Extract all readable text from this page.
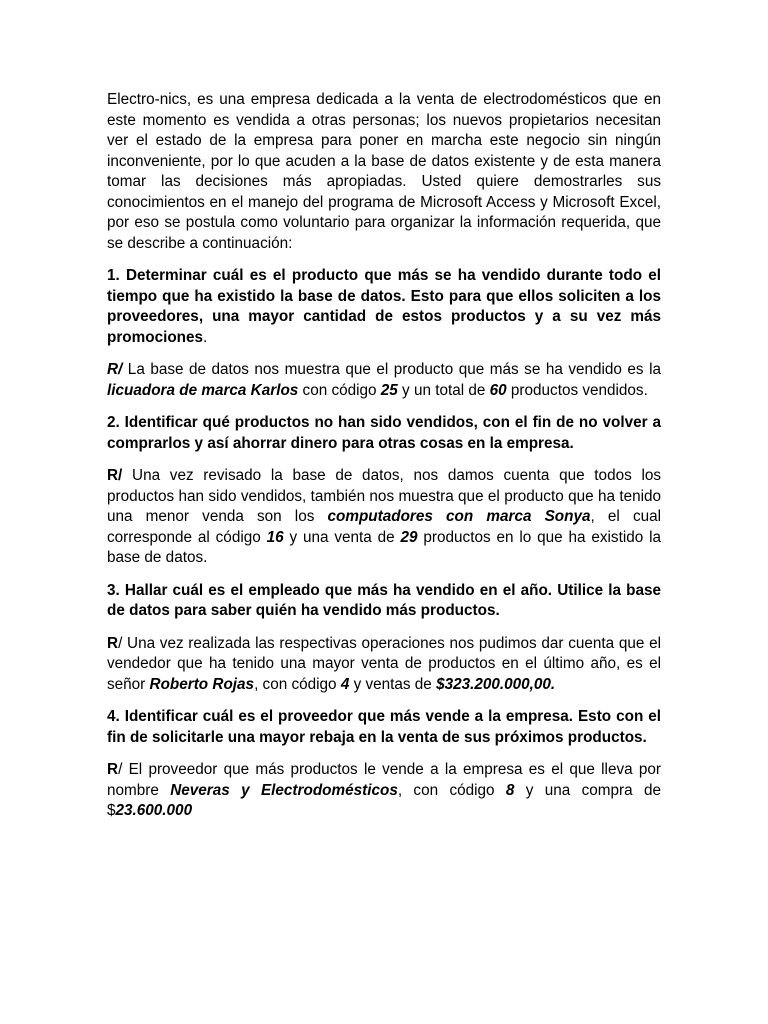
Electro-nics, es una empresa dedicada a la venta de electrodomésticos que en este momento es vendida a otras personas; los nuevos propietarios necesitan ver el estado de la empresa para poner en marcha este negocio sin ningún inconveniente, por lo que acuden a la base de datos existente y de esta manera tomar las decisiones más apropiadas. Usted quiere demostrarles sus conocimientos en el manejo del programa de Microsoft Access y Microsoft Excel, por eso se postula como voluntario para organizar la información requerida, que se describe a continuación:

1. Determinar cuál es el producto que más se ha vendido durante todo el tiempo que ha existido la base de datos. Esto para que ellos soliciten a los proveedores, una mayor cantidad de estos productos y a su vez más promociones.

R/ La base de datos nos muestra que el producto que más se ha vendido es la licuadora de marca Karlos con código 25 y un total de 60 productos vendidos.

2. Identificar qué productos no han sido vendidos, con el fin de no volver a comprarlos y así ahorrar dinero para otras cosas en la empresa.

R/ Una vez revisado la base de datos, nos damos cuenta que todos los productos han sido vendidos, también nos muestra que el producto que ha tenido una menor venda son los computadores con marca Sonya, el cual corresponde al código 16 y una venta de 29 productos en lo que ha existido la base de datos.

3. Hallar cuál es el empleado que más ha vendido en el año. Utilice la base de datos para saber quién ha vendido más productos.

R/ Una vez realizada las respectivas operaciones nos pudimos dar cuenta que el vendedor que ha tenido una mayor venta de productos en el último año, es el señor Roberto Rojas, con código 4 y ventas de $323.200.000,00.

4. Identificar cuál es el proveedor que más vende a la empresa. Esto con el fin de solicitarle una mayor rebaja en la venta de sus próximos productos.

R/ El proveedor que más productos le vende a la empresa es el que lleva por nombre Neveras y Electrodomésticos, con código 8 y una compra de $23.600.000
